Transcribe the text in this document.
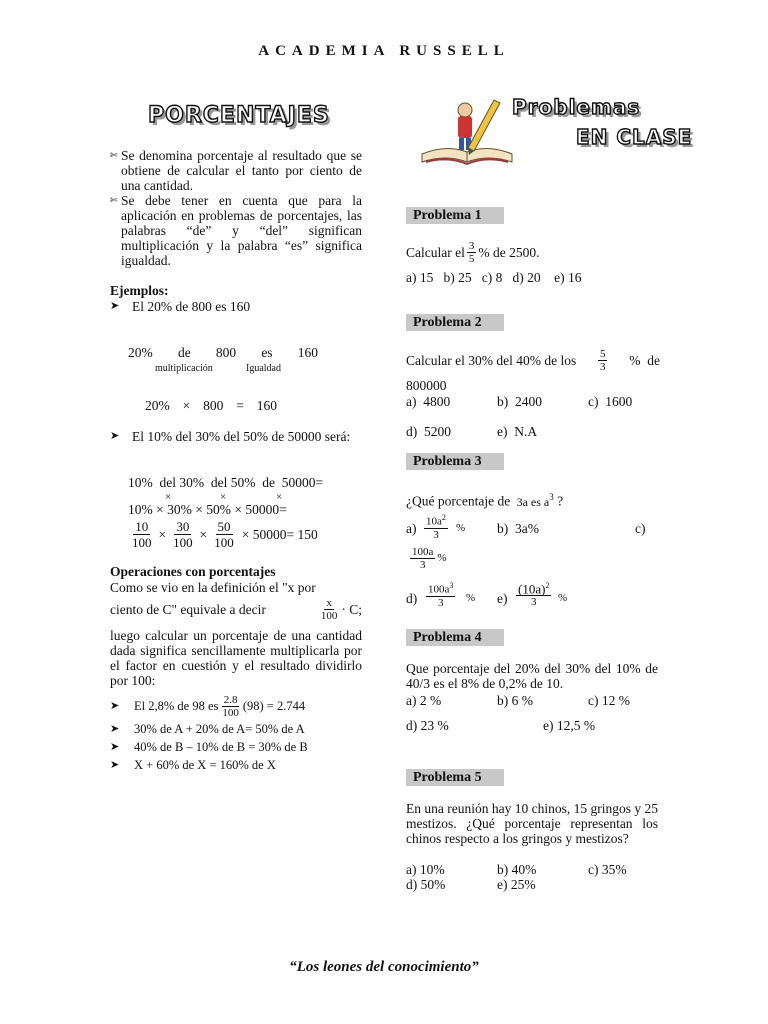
ACADEMIA RUSSELL
PORCENTAJES
✄ Se denomina porcentaje al resultado que se obtiene de calcular el tanto por ciento de una cantidad.
✄ Se debe tener en cuenta que para la aplicación en problemas de porcentajes, las palabras “de” y “del” significan multiplicación y la palabra “es” significa igualdad.
Ejemplos:
➤ El 20% de 800 es 160
20% de 800 es 160
multiplicación	Igualdad
20% × 800 = 160
➤ El 10% del 30% del 50% de 50000 será:
10%  del 30%  del 50%  de  50000=
×	×	×
10% × 30% × 50% × 50000=
$\frac{10}{100} \times \frac{30}{100} \times \frac{50}{100} \times 50000= 150$
Operaciones con porcentajes
Como se vio en la definición el "x por
ciento de C" equivale a decir	$\frac{x}{100} \cdot C$;
luego calcular un porcentaje de una cantidad dada significa sencillamente multiplicarla por el factor en cuestión y el resultado dividirlo por 100:
➤	El 2,8% de 98 es $\frac{2.8}{100} (98) = 2.744$
➤	30% de A + 20% de A= 50% de A
➤	40% de B – 10% de B = 30% de B
➤	X + 60% de X = 160% de X
Problemas
EN CLASE
Problema 1
Calcular el $\frac{3}{5}$ % de 2500.
a) 15   b) 25   c) 8   d) 20    e) 16
Problema 2
Calcular el 30% del 40% de los $\frac{5}{3}$ %  de
800000
a)  4800	b)  2400	c)  1600
d)  5200	e)  N.A
Problema 3
¿Qué porcentaje de 3a es $a^3$ ?
$a) \frac{10a^2}{3}$ % b)  3a%	c)
$\frac{100a}{3}$ %
$d) \frac{100a^3}{3}$ % e)
$(10a)^2$
3 %
Problema 4
Que porcentaje del 20% del 30% del 10% de 40/3 es el 8% de 0,2% de 10.
a) 2 %	b) 6 %	c) 12 %
d) 23 %	e) 12,5 %
Problema 5
En una reunión hay 10 chinos, 15 gringos y 25 mestizos. ¿Qué porcentaje representan los chinos respecto a los gringos y mestizos?
a) 10%	b) 40%	c) 35%
d) 50%	e) 25%
“Los leones del conocimiento”
